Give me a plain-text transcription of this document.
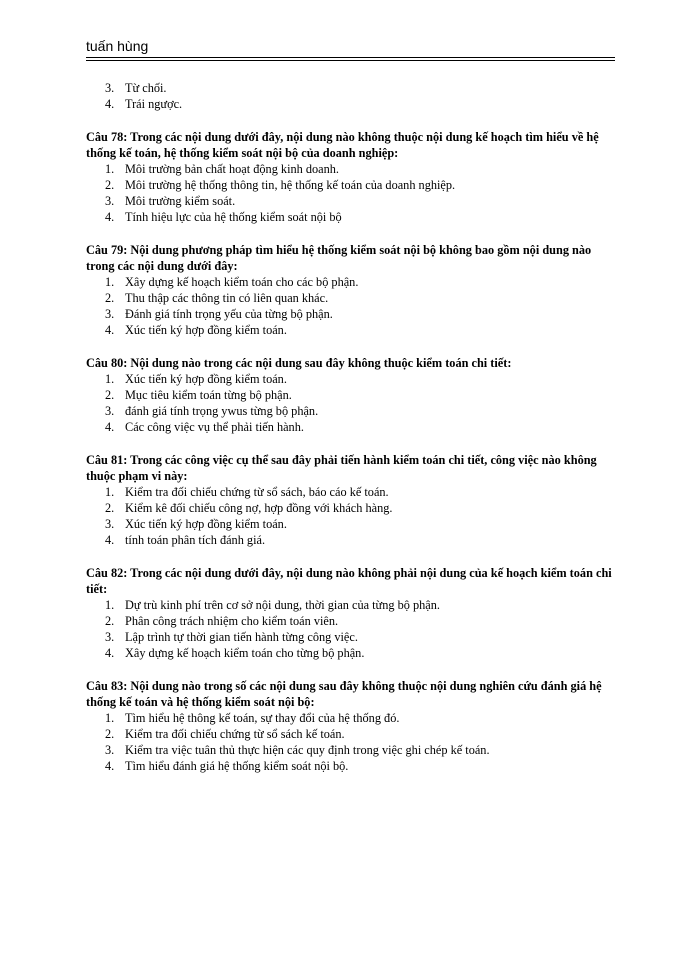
tuấn hùng
3. Từ chối.
4. Trái ngược.

Câu 78: Trong các nội dung dưới đây, nội dung nào không thuộc nội dung kế hoạch tìm hiểu về hệ thống kế toán, hệ thống kiểm soát nội bộ của doanh nghiệp:

1. Môi trường bản chất hoạt động kinh doanh.
2. Môi trường hệ thống thông tin, hệ thống kế toán của doanh nghiệp.
3. Môi trường kiểm soát.
4. Tính hiệu lực của hệ thống kiểm soát nội bộ

Câu 79: Nội dung phương pháp tìm hiểu hệ thống kiểm soát nội bộ không bao gồm nội dung nào trong các nội dung dưới đây:

1. Xây dựng kế hoạch kiểm toán cho các bộ phận.
2. Thu thập các thông tin có liên quan khác.
3. Đánh giá tính trọng yếu của từng bộ phận.
4. Xúc tiến ký hợp đồng kiểm toán.

Câu 80: Nội dung nào trong các nội dung sau đây không thuộc kiểm toán chi tiết:

1. Xúc tiến ký hợp đồng kiểm toán.
2. Mục tiêu kiểm toán từng bộ phận.
3. đánh giá tính trọng ywus từng bộ phận.
4. Các công việc vụ thể phải tiến hành.

Câu 81: Trong các công việc cụ thể sau đây phải tiến hành kiểm toán chi tiết, công việc nào không thuộc phạm vi này:

1. Kiểm tra đối chiếu chứng từ sổ sách, báo cáo kế toán.
2. Kiểm kê đối chiếu công nợ, hợp đồng với khách hàng.
3. Xúc tiến ký hợp đồng kiểm toán.
4. tính toán phân tích đánh giá.

Câu 82: Trong các nội dung dưới đây, nội dung nào không phải nội dung của kế hoạch kiểm toán chi tiết:

1. Dự trù kinh phí trên cơ sở nội dung, thời gian của từng bộ phận.
2. Phân công trách nhiệm cho kiểm toán viên.
3. Lập trình tự thời gian tiến hành từng công việc.
4. Xây dựng kế hoạch kiểm toán cho từng bộ phận.

Câu 83: Nội dung nào trong số các nội dung sau đây không thuộc nội dung nghiên cứu đánh giá hệ thống kế toán và hệ thống kiểm soát nội bộ:

1. Tìm hiểu hệ thông kế toán, sự thay đổi của hệ thống đó.
2. Kiểm tra đối chiếu chứng từ sổ sách kế toán.
3. Kiểm tra việc tuân thủ thực hiện các quy định trong việc ghi chép kế toán.
4. Tìm hiểu đánh giá hệ thống kiểm soát nội bộ.
